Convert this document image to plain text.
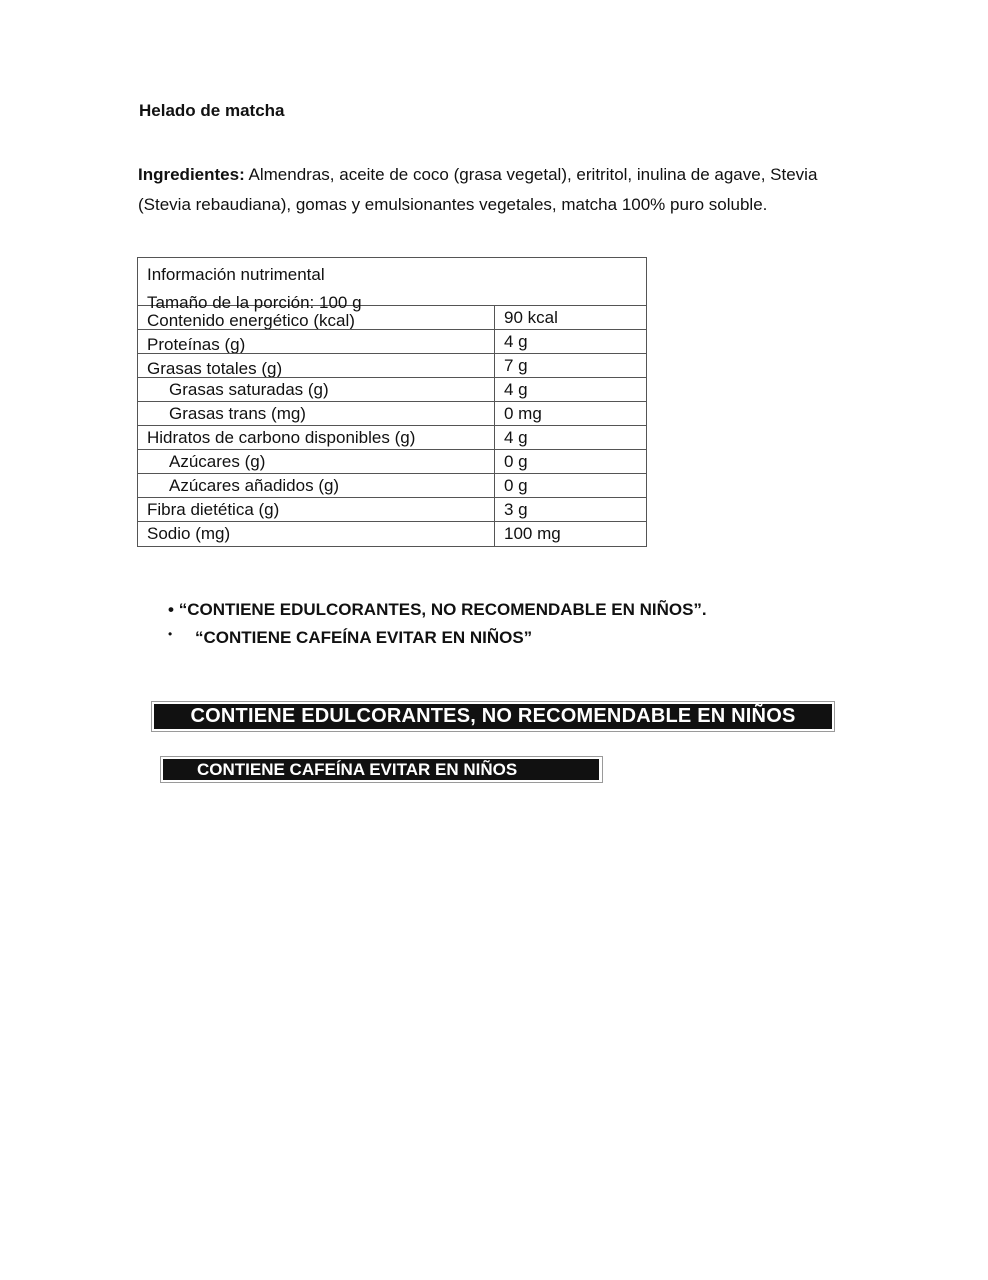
Helado de matcha

Ingredientes: Almendras, aceite de coco (grasa vegetal), eritritol, inulina de agave, Stevia (Stevia rebaudiana), gomas y emulsionantes vegetales, matcha 100% puro soluble.

Información nutrimental
Tamaño de la porción: 100 g
Contenido energético (kcal)	90 kcal
Proteínas (g)	4 g
Grasas totales (g)	7 g
Grasas saturadas (g)	4 g
Grasas trans (mg)	0 mg
Hidratos de carbono disponibles (g)	4 g
Azúcares (g)	0 g
Azúcares añadidos (g)	0 g
Fibra dietética (g)	3 g
Sodio (mg)	100 mg
• “CONTIENE EDULCORANTES, NO RECOMENDABLE EN NIÑOS”.
• “CONTIENE CAFEÍNA EVITAR EN NIÑOS”
CONTIENE EDULCORANTES, NO RECOMENDABLE EN NIÑOS
CONTIENE CAFEÍNA EVITAR EN NIÑOS
